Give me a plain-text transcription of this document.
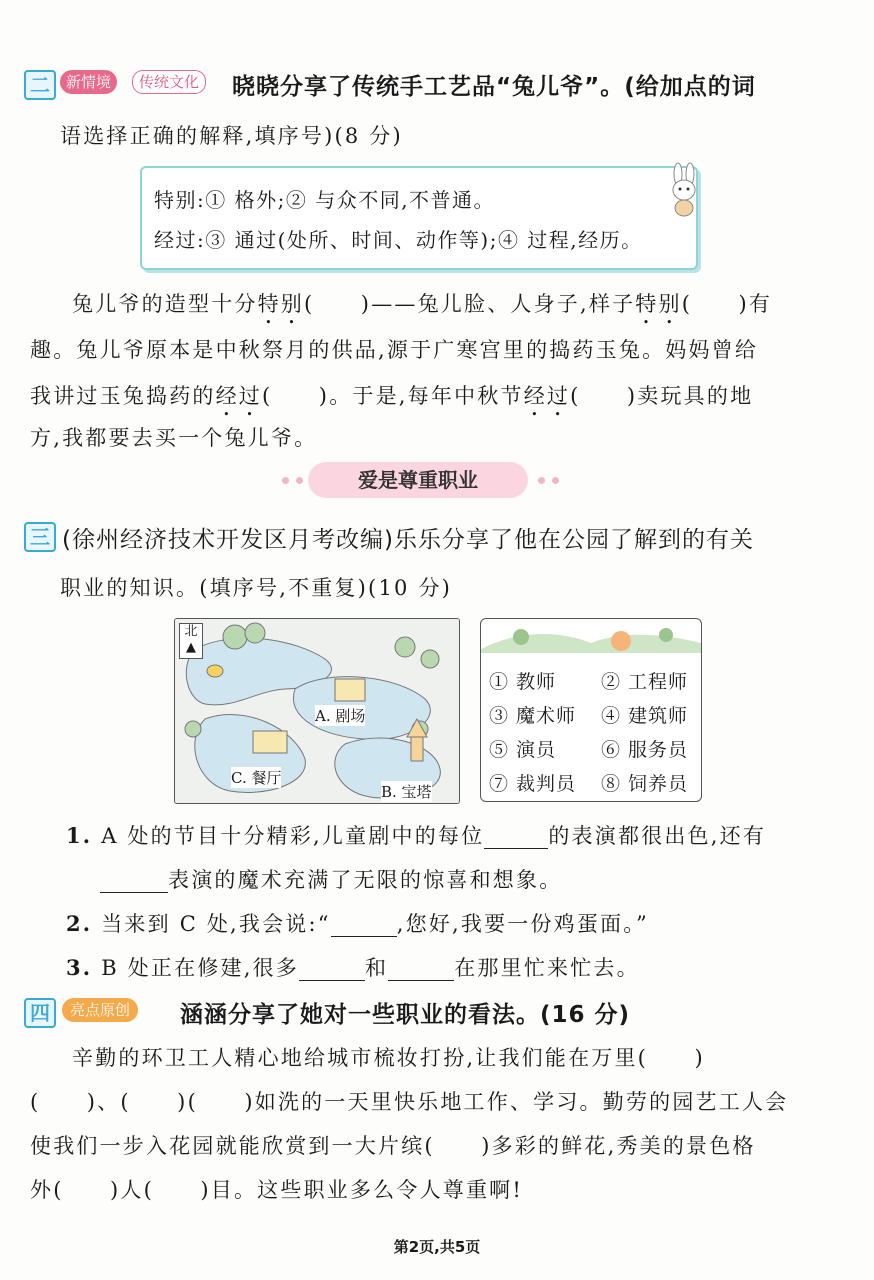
二	新情境	传统文化	晓晓分享了传统手工艺品“兔儿爷”。(给加点的词
语选择正确的解释,填序号)(8 分)
特别:① 格外;② 与众不同,不普通。
经过:③ 通过(处所、时间、动作等);④ 过程,经历。
兔儿爷的造型十分特别(　　)——兔儿脸、人身子,样子特别(　　)有
趣。兔儿爷原本是中秋祭月的供品,源于广寒宫里的捣药玉兔。妈妈曾给
我讲过玉兔捣药的经过(　　)。于是,每年中秋节经过(　　)卖玩具的地
方,我都要去买一个兔儿爷。
爱是尊重职业
三 (徐州经济技术开发区月考改编)乐乐分享了他在公园了解到的有关
职业的知识。(填序号,不重复)(10 分)
北
▲
A. 剧场
C. 餐厅
B. 宝塔
① 教师 ② 工程师
③ 魔术师 ④ 建筑师
⑤ 演员 ⑥ 服务员
⑦ 裁判员 ⑧ 饲养员
1. A 处的节目十分精彩,儿童剧中的每位	的表演都很出色,还有
表演的魔术充满了无限的惊喜和想象。
2. 当来到 C 处,我会说:“	,您好,我要一份鸡蛋面。”
3. B 处正在修建,很多	和	在那里忙来忙去。
四	亮点原创	涵涵分享了她对一些职业的看法。(16 分)
辛勤的环卫工人精心地给城市梳妆打扮,让我们能在万里(　　)
(　　)、(　　)(　　)如洗的一天里快乐地工作、学习。勤劳的园艺工人会
使我们一步入花园就能欣赏到一大片缤(　　)多彩的鲜花,秀美的景色格
外(　　)人(　　)目。这些职业多么令人尊重啊!
第2页,共5页
